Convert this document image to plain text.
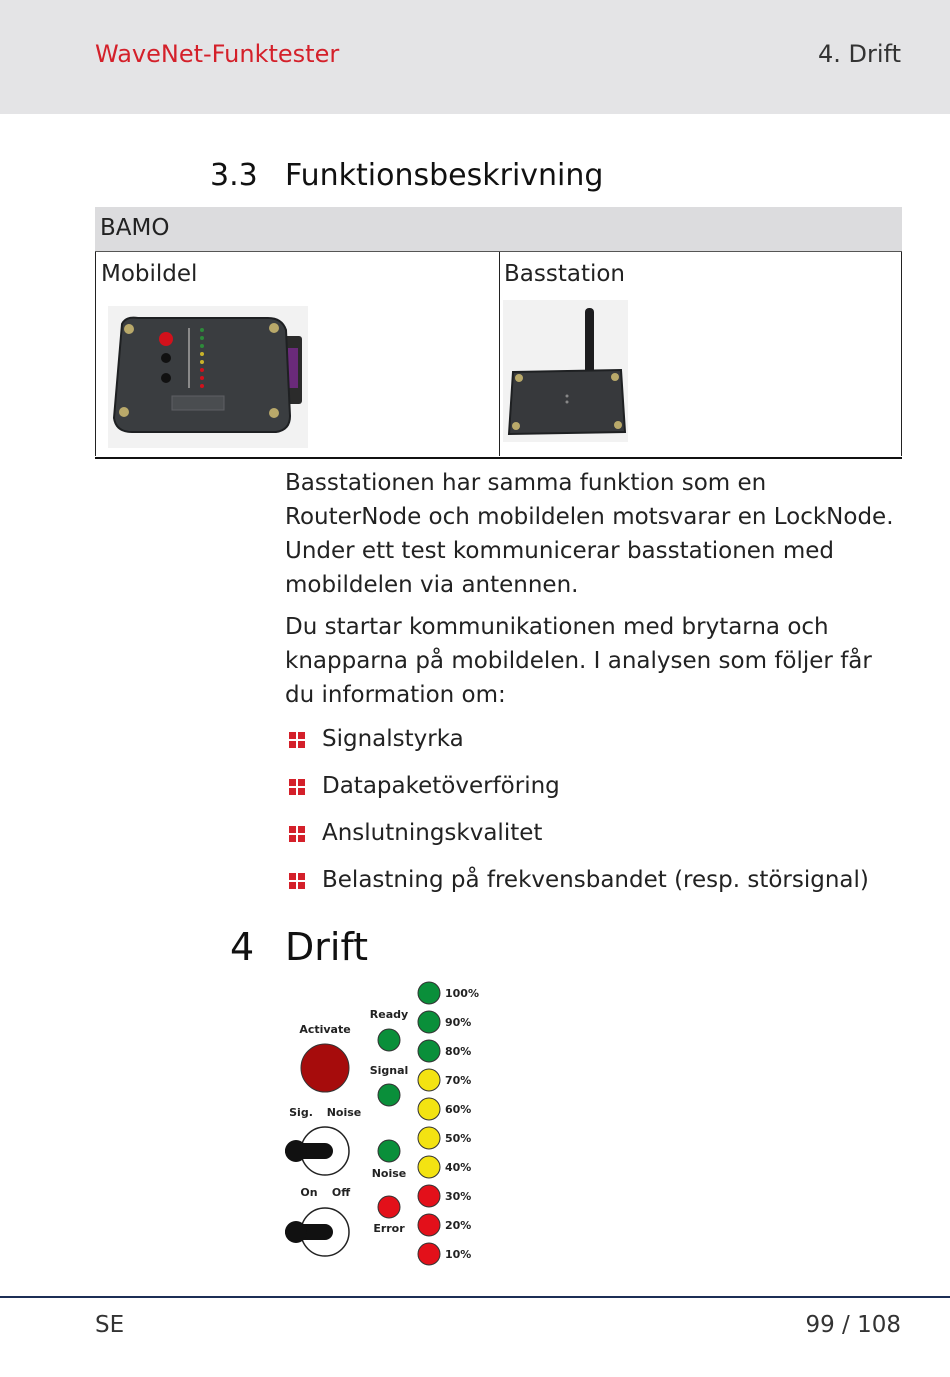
WaveNet-Funktester	4. Drift
3.3 Funktionsbeskrivning
BAMO
Mobildel	Basstation

Basstationen har samma funktion som en RouterNode och mobildelen motsvarar en LockNode. Under ett test kommunicerar basstationen med mobildelen via antennen.

Du startar kommunikationen med brytarna och knapparna på mobildelen. I analysen som följer får du information om:

Signalstyrka
Datapaketöverföring
Anslutningskvalitet
Belastning på frekvensbandet (resp. störsignal)
4 Drift
Activate
Sig. Noise
On Off
Ready
Signal
Noise
Error
100%
90%
80%
70%
60%
50%
40%
30%
20%
10%
SE	99 / 108
